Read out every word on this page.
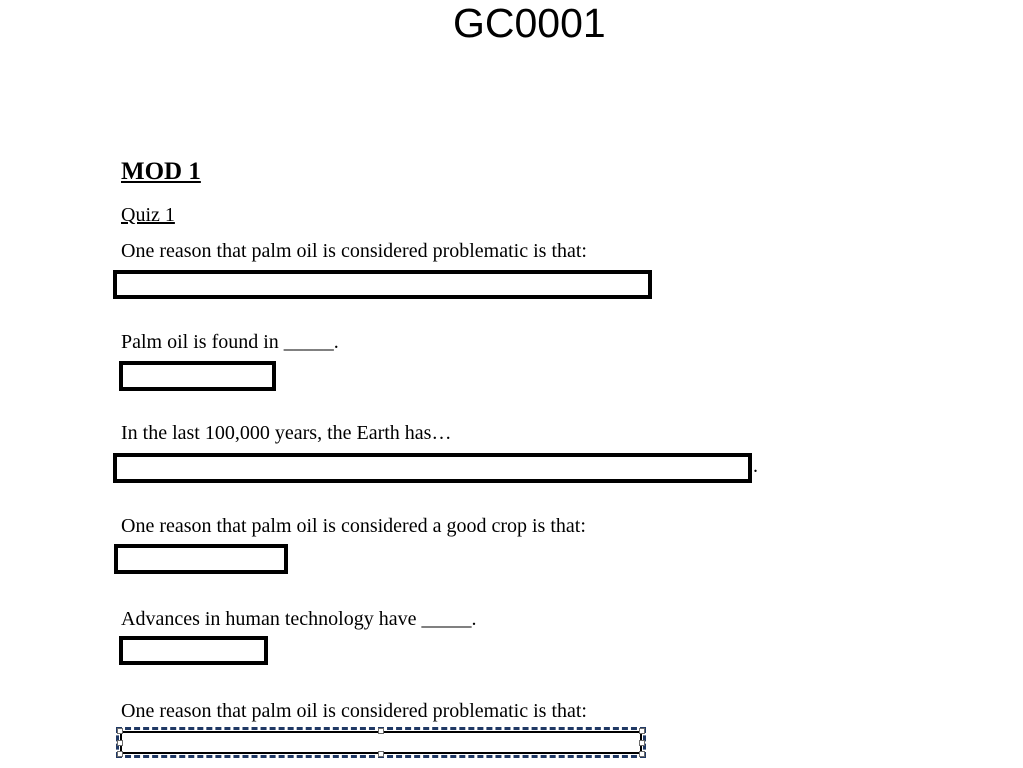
GC0001
MOD 1
Quiz 1
One reason that palm oil is considered problematic is that:
Palm oil is found in _____.
In the last 100,000 years, the Earth has…
.
One reason that palm oil is considered a good crop is that:
Advances in human technology have _____.
One reason that palm oil is considered problematic is that:
